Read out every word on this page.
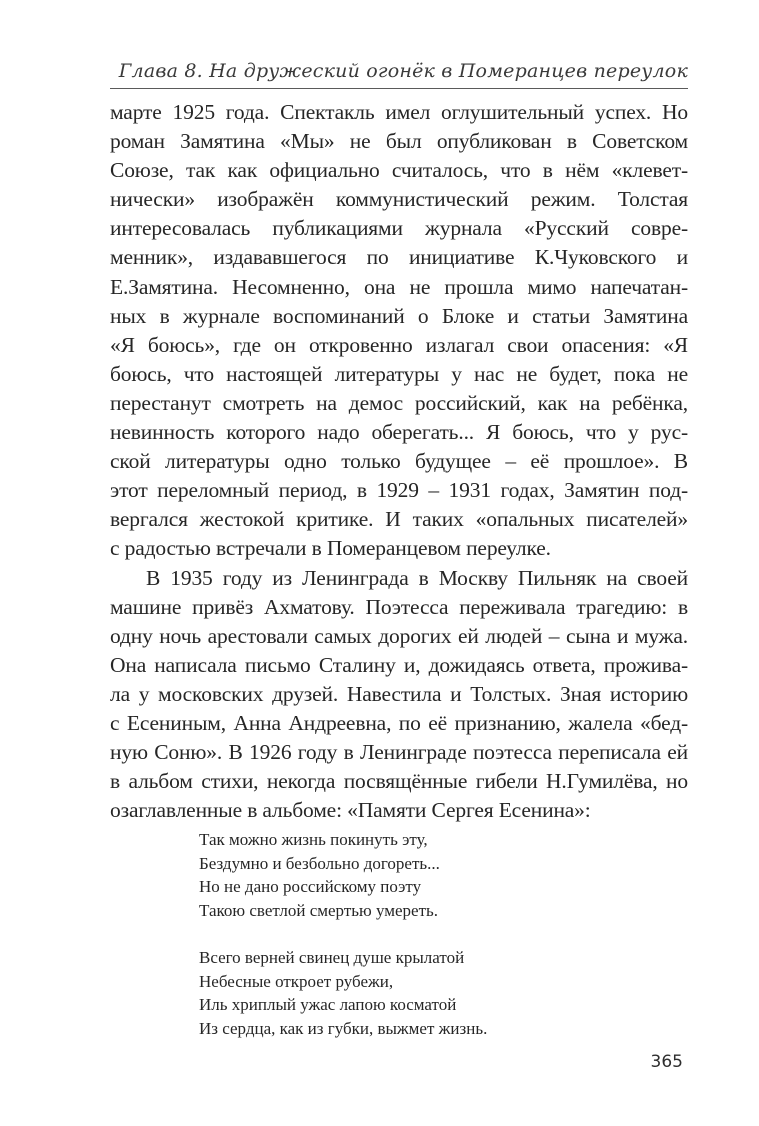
Глава 8. На дружеский огонёк в Померанцев переулок
марте 1925 года. Спектакль имел оглушительный успех. Но
роман Замятина «Мы» не был опубликован в Советском
Союзе, так как официально считалось, что в нём «клевет-
нически» изображён коммунистический режим. Толстая
интересовалась публикациями журнала «Русский совре-
менник», издававшегося по инициативе К.Чуковского и
Е.Замятина. Несомненно, она не прошла мимо напечатан-
ных в журнале воспоминаний о Блоке и статьи Замятина
«Я боюсь», где он откровенно излагал свои опасения: «Я
боюсь, что настоящей литературы у нас не будет, пока не
перестанут смотреть на демос российский, как на ребёнка,
невинность которого надо оберегать... Я боюсь, что у рус-
ской литературы одно только будущее – её прошлое». В
этот переломный период, в 1929 – 1931 годах, Замятин под-
вергался жестокой критике. И таких «опальных писателей»
с радостью встречали в Померанцевом переулке.
В 1935 году из Ленинграда в Москву Пильняк на своей
машине привёз Ахматову. Поэтесса переживала трагедию: в
одну ночь арестовали самых дорогих ей людей – сына и мужа.
Она написала письмо Сталину и, дожидаясь ответа, прожива-
ла у московских друзей. Навестила и Толстых. Зная историю
с Есениным, Анна Андреевна, по её признанию, жалела «бед-
ную Соню». В 1926 году в Ленинграде поэтесса переписала ей
в альбом стихи, некогда посвящённые гибели Н.Гумилёва, но
озаглавленные в альбоме: «Памяти Сергея Есенина»:
Так можно жизнь покинуть эту,
Бездумно и безбольно догореть...
Но не дано российскому поэту
Такою светлой смертью умереть.
Всего верней свинец душе крылатой
Небесные откроет рубежи,
Иль хриплый ужас лапою косматой
Из сердца, как из губки, выжмет жизнь.
365
